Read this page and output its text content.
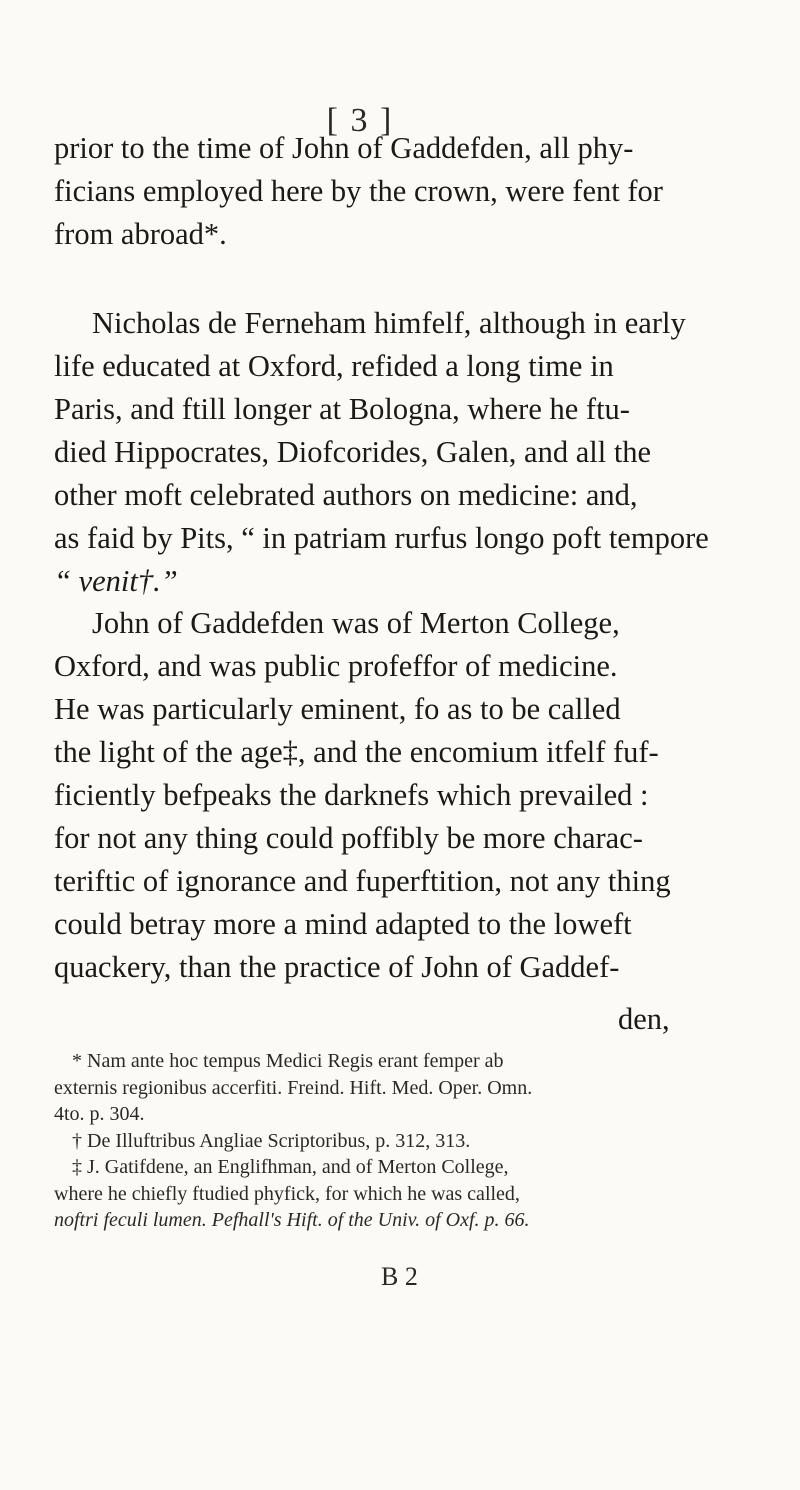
[ 3 ]
prior to the time of John of Gaddefden, all phy-
ficians employed here by the crown, were fent for
from abroad*.
Nicholas de Ferneham himfelf, although in early
life educated at Oxford, refided a long time in
Paris, and ftill longer at Bologna, where he ftu-
died Hippocrates, Diofcorides, Galen, and all the
other moft celebrated authors on medicine: and,
as faid by Pits, “ in patriam rurfus longo poft tempore
“ venit†.”
John of Gaddefden was of Merton College,
Oxford, and was public profeffor of medicine.
He was particularly eminent, fo as to be called
the light of the age‡, and the encomium itfelf fuf-
ficiently befpeaks the darknefs which prevailed :
for not any thing could poffibly be more charac-
teriftic of ignorance and fuperftition, not any thing
could betray more a mind adapted to the loweft
quackery, than the practice of John of Gaddef-
den,
* Nam ante hoc tempus Medici Regis erant femper ab
externis regionibus accerfiti. Freind. Hift. Med. Oper. Omn.
4to. p. 304.
† De Illuftribus Angliae Scriptoribus, p. 312, 313.
‡ J. Gatifdene, an Englifhman, and of Merton College,
where he chiefly ftudied phyfick, for which he was called,
noftri feculi lumen. Pefhall's Hift. of the Univ. of Oxf. p. 66.
B 2
